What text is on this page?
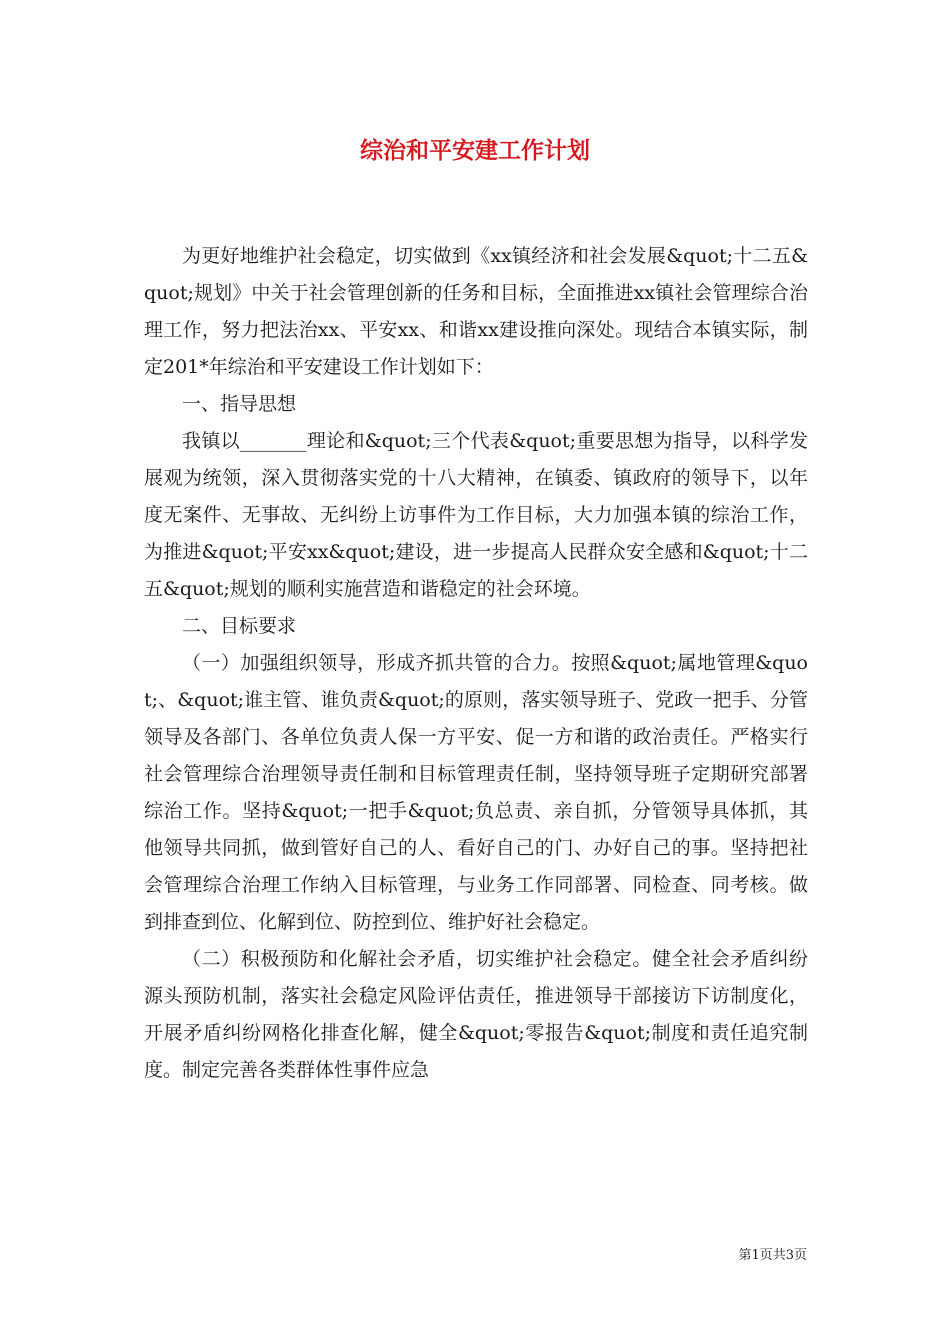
综治和平安建工作计划

为更好地维护社会稳定，切实做到《xx镇经济和社会发展&quot;十二五&quot;规划》中关于社会管理创新的任务和目标，全面推进xx镇社会管理综合治理工作，努力把法治xx、平安xx、和谐xx建设推向深处。现结合本镇实际，制定201*年综治和平安建设工作计划如下：

一、指导思想

我镇以_______理论和&quot;三个代表&quot;重要思想为指导，以科学发展观为统领，深入贯彻落实党的十八大精神，在镇委、镇政府的领导下，以年度无案件、无事故、无纠纷上访事件为工作目标，大力加强本镇的综治工作，为推进&quot;平安xx&quot;建设，进一步提高人民群众安全感和&quot;十二五&quot;规划的顺利实施营造和谐稳定的社会环境。

二、目标要求

（一）加强组织领导，形成齐抓共管的合力。按照&quot;属地管理&quot;、&quot;谁主管、谁负责&quot;的原则，落实领导班子、党政一把手、分管领导及各部门、各单位负责人保一方平安、促一方和谐的政治责任。严格实行社会管理综合治理领导责任制和目标管理责任制，坚持领导班子定期研究部署综治工作。坚持&quot;一把手&quot;负总责、亲自抓，分管领导具体抓，其他领导共同抓，做到管好自己的人、看好自己的门、办好自己的事。坚持把社会管理综合治理工作纳入目标管理，与业务工作同部署、同检查、同考核。做到排查到位、化解到位、防控到位、维护好社会稳定。

（二）积极预防和化解社会矛盾，切实维护社会稳定。健全社会矛盾纠纷源头预防机制，落实社会稳定风险评估责任，推进领导干部接访下访制度化，开展矛盾纠纷网格化排查化解，健全&quot;零报告&quot;制度和责任追究制度。制定完善各类群体性事件应急

第1页共3页
